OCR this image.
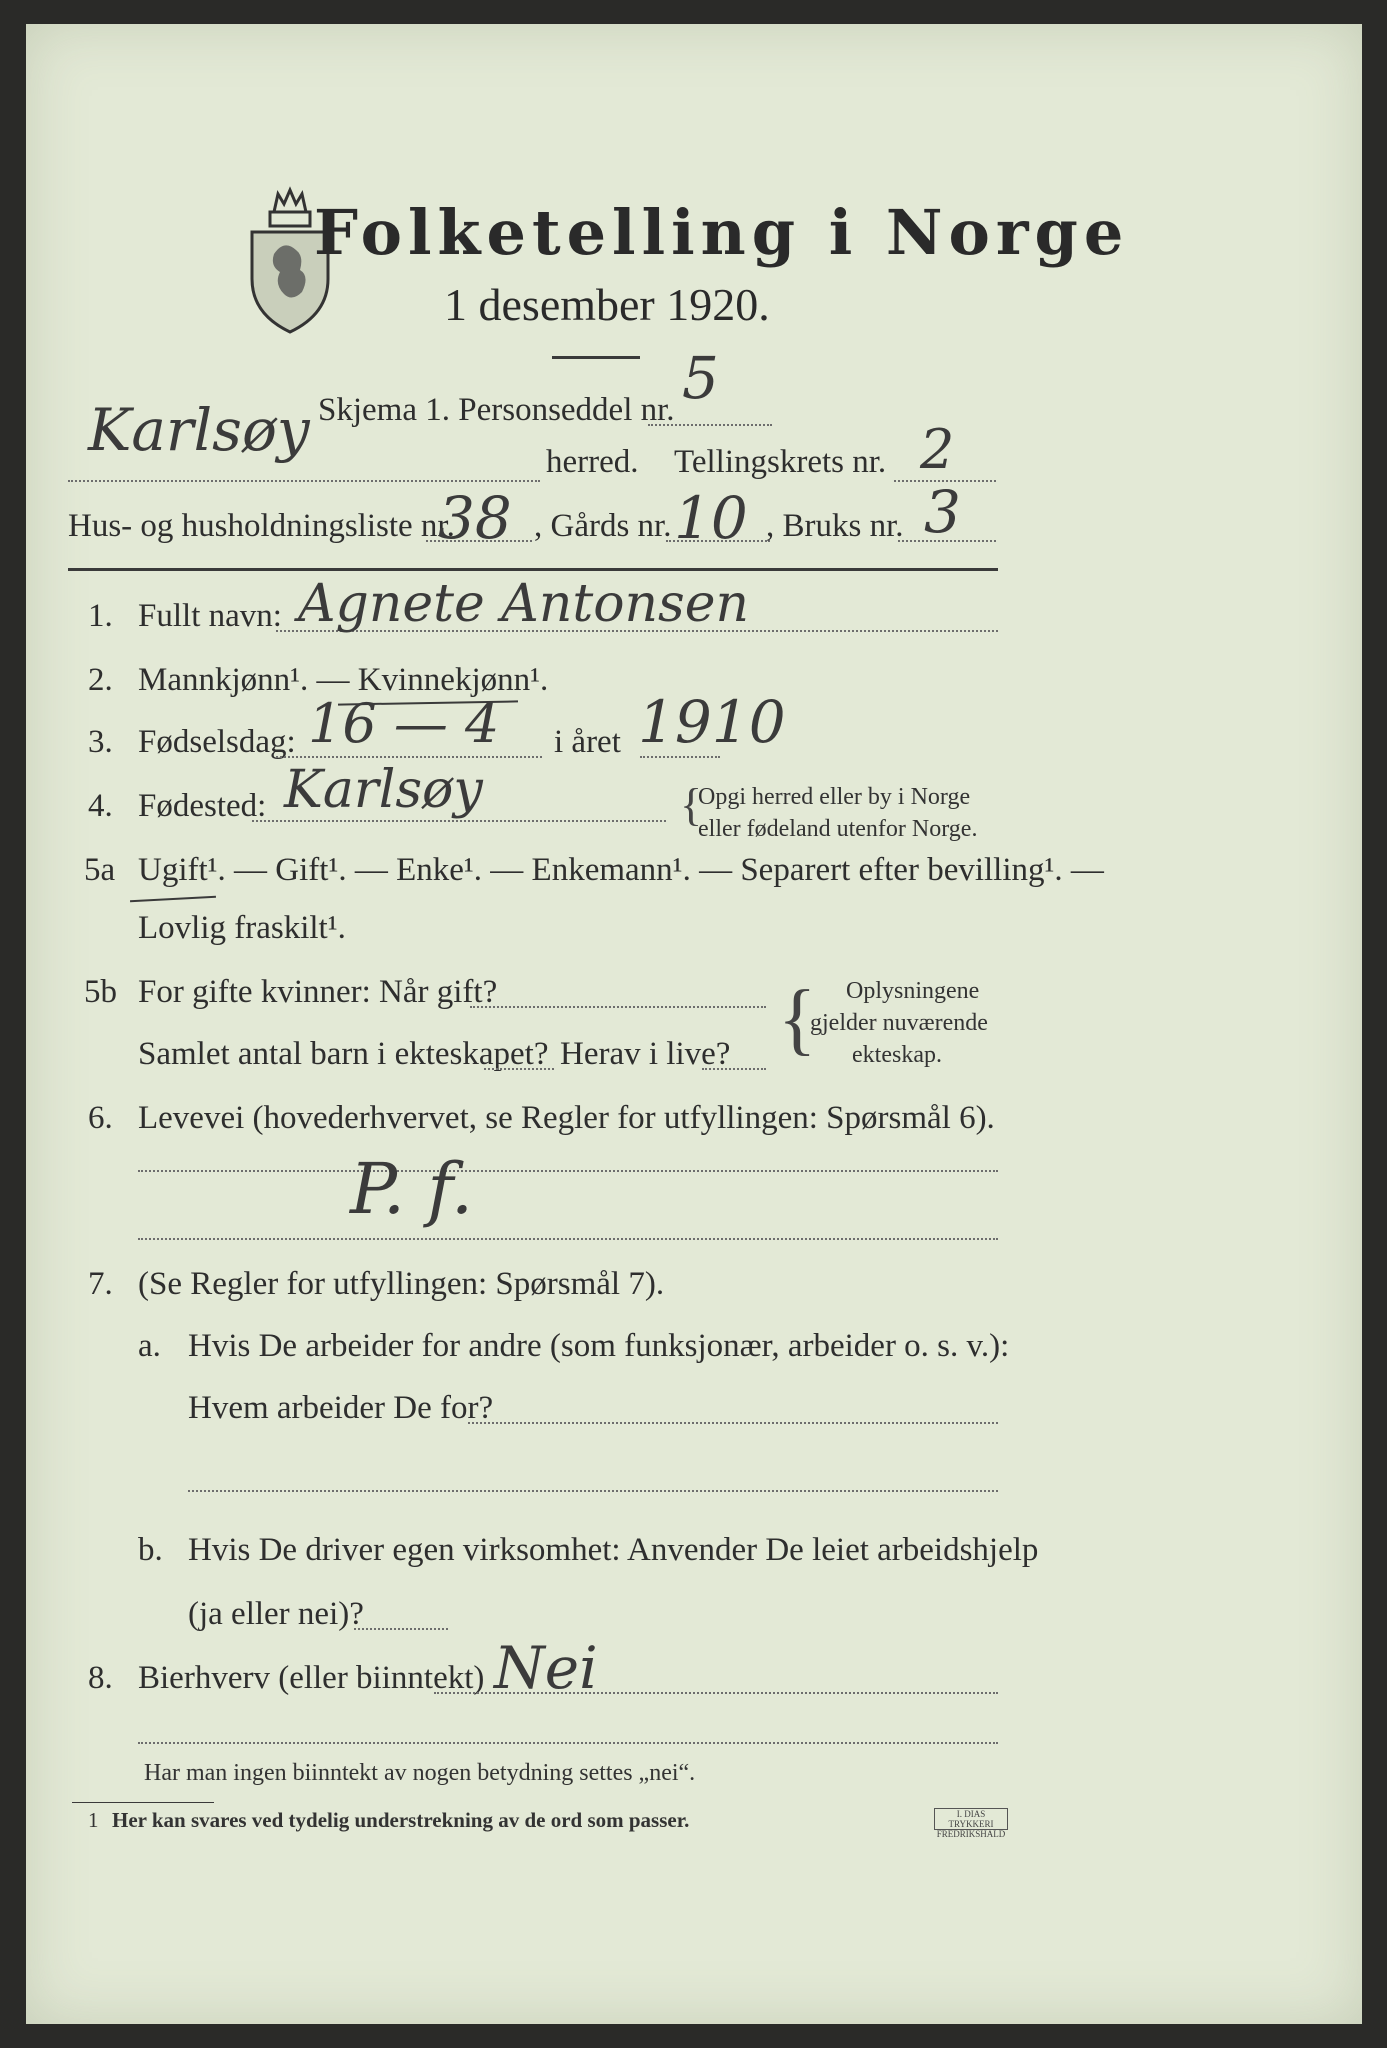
Folketelling i Norge
1 desember 1920.
Skjema 1. Personseddel nr. 5
Karlsøy	herred. Tellingskrets nr. 2
Hus- og husholdningsliste nr.
38 , Gårds nr. 10 , Bruks nr. 3
1. Fullt navn: Agnete Antonsen
2. Mannkjønn¹. — Kvinnekjønn¹.
3. Fødselsdag: 16 — 4 i året 1910
4. Fødested: Karlsøy	{
Opgi herred eller by i Norge
eller fødeland utenfor Norge.
5a Ugift¹. — Gift¹. — Enke¹. — Enkemann¹. — Separert efter bevilling¹. —
Lovlig fraskilt¹.
5b For gifte kvinner: Når gift?
Samlet antal barn i ekteskapet? Herav i live? { Oplysningene
gjelder nuværende
ekteskap.
6. Levevei (hovederhvervet, se Regler for utfyllingen: Spørsmål 6).
P. f.
7. (Se Regler for utfyllingen: Spørsmål 7).
a. Hvis De arbeider for andre (som funksjonær, arbeider o. s. v.):
Hvem arbeider De for?
b. Hvis De driver egen virksomhet: Anvender De leiet arbeidshjelp
(ja eller nei)?
8. Bierhverv (eller biinntekt) Nei
Har man ingen biinntekt av nogen betydning settes „nei“.
1 Her kan svares ved tydelig understrekning av de ord som passer.	I. DIAS TRYKKERI FREDRIKSHALD
